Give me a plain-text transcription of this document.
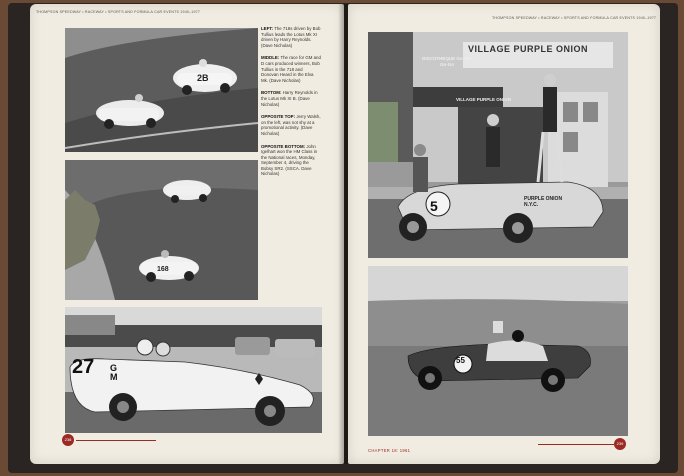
THOMPSON SPEEDWAY • RACEWAY • SPORTS AND FORMULA CAR EVENTS 1940–1977
2B
168
27 GM
LEFT: The 718s driven by Bob Tullius leads the Lotus Mk XI driven by Harry Reynolds. (Dave Nicholas)
MIDDLE: The race for GM and D cars produced winners, Bob Tullius in the 718 and Donovan Heard in the Elva Mk. (Dave Nicholas)
BOTTOM: Harry Reynolds in the Lotus Mk XI B. (Dave Nicholas)
OPPOSITE TOP: Jerry Walsh, on the left, was not shy at a promotional activity. (Dave Nicholas)
OPPOSITE BOTTOM: John Igelhart won the HM Class in the National races, Monday, September 4, driving the Bobsy SR2. (SSCA. Dave Nicholas)
238
THOMPSON SPEEDWAY • RACEWAY • SPORTS AND FORMULA CAR EVENTS 1940–1977
VILLAGE PURPLE ONION
DISCOTHEQUE Go-Go-Go-Go
VILLAGE PURPLE ONION
5	PURPLE ONION N.Y.C.
55
CHAPTER 18: 1961
239
